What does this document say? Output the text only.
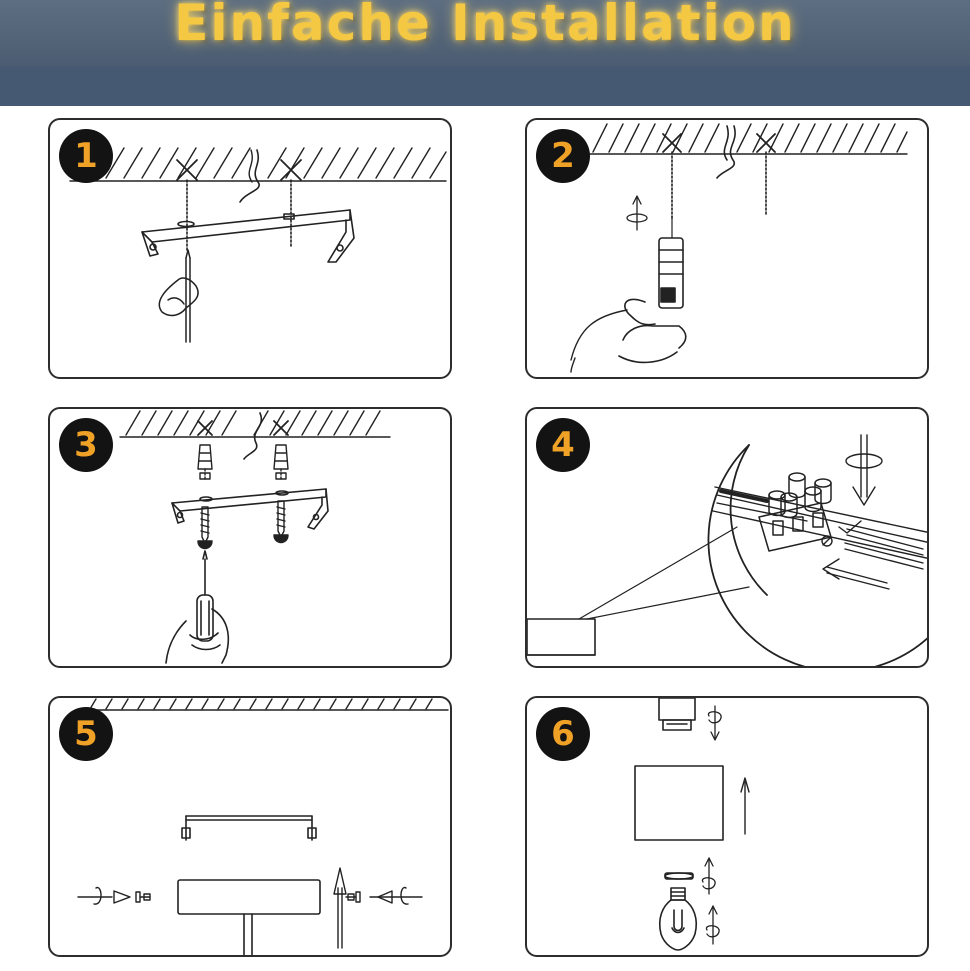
Einfache Installation
1	2
3	4
5	6
